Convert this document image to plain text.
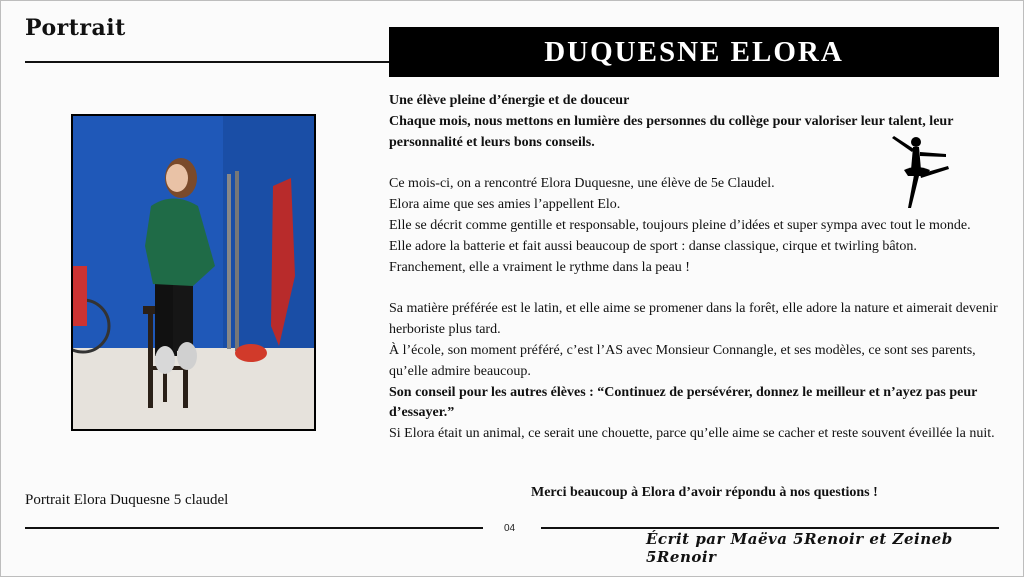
Portrait
DUQUESNE ELORA
Portrait Elora Duquesne 5 claudel

Une élève pleine d’énergie et de douceur

Chaque mois, nous mettons en lumière des personnes du collège pour valoriser leur talent, leur personnalité et leurs bons conseils.

Ce mois-ci, on a rencontré Elora Duquesne, une élève de 5e Claudel.

Elora aime que ses amies l’appellent Elo.

Elle se décrit comme gentille et responsable, toujours pleine d’idées et super sympa avec tout le monde.

Elle adore la batterie et fait aussi beaucoup de sport : danse classique, cirque et twirling bâton.

Franchement, elle a vraiment le rythme dans la peau !

Sa matière préférée est le latin, et elle aime se promener dans la forêt, elle adore la nature et aimerait devenir herboriste plus tard.

À l’école, son moment préféré, c’est l’AS avec Monsieur Connangle, et ses modèles, ce sont ses parents, qu’elle admire beaucoup.

Son conseil pour les autres élèves : “Continuez de persévérer, donnez le meilleur et n’ayez pas peur d’essayer.”

Si Elora était un animal, ce serait une chouette, parce qu’elle aime se cacher et reste souvent éveillée la nuit.

Merci beaucoup à Elora d’avoir répondu à nos questions !
04
Écrit par Maëva 5Renoir et Zeineb 5Renoir
